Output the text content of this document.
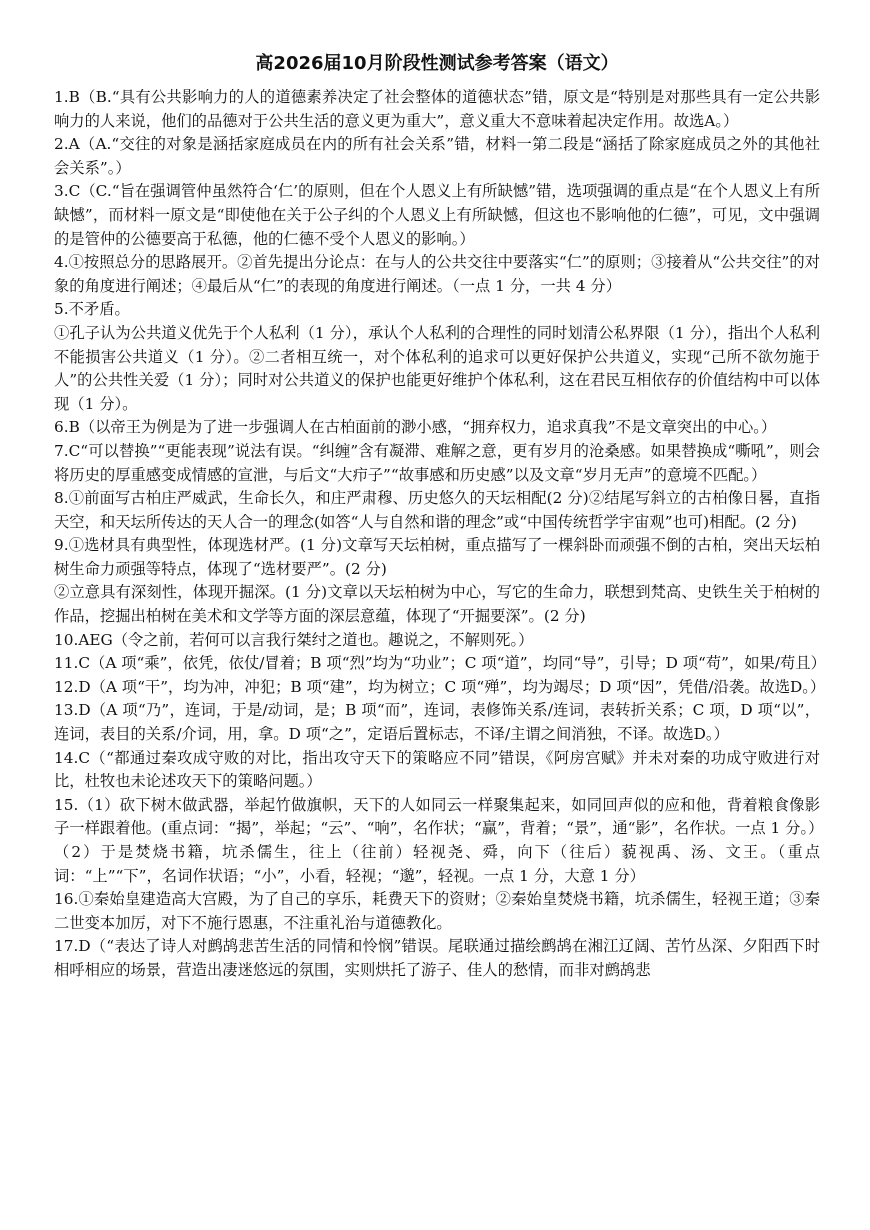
高2026届10月阶段性测试参考答案（语文）

1.B（B.“具有公共影响力的人的道德素养决定了社会整体的道德状态”错，原文是“特别是对那些具有一定公共影响力的人来说，他们的品德对于公共生活的意义更为重大”，意义重大不意味着起决定作用。故选A。）

2.A（A.“交往的对象是涵括家庭成员在内的所有社会关系”错，材料一第二段是“涵括了除家庭成员之外的其他社会关系”。）

3.C（C.“旨在强调管仲虽然符合‘仁’的原则，但在个人恩义上有所缺憾”错，选项强调的重点是“在个人恩义上有所缺憾”，而材料一原文是“即使他在关于公子纠的个人恩义上有所缺憾，但这也不影响他的仁德”，可见，文中强调的是管仲的公德要高于私德，他的仁德不受个人恩义的影响。）

4.①按照总分的思路展开。②首先提出分论点：在与人的公共交往中要落实“仁”的原则；③接着从“公共交往”的对象的角度进行阐述；④最后从“仁”的表现的角度进行阐述。（一点 1 分，一共 4 分）

5.不矛盾。

①孔子认为公共道义优先于个人私利（1 分），承认个人私利的合理性的同时划清公私界限（1 分），指出个人私利不能损害公共道义（1 分）。②二者相互统一，对个体私利的追求可以更好保护公共道义，实现“己所不欲勿施于人”的公共性关爱（1 分）；同时对公共道义的保护也能更好维护个体私利，这在君民互相依存的价值结构中可以体现（1 分）。

6.B（以帝王为例是为了进一步强调人在古柏面前的渺小感，“拥弃权力，追求真我”不是文章突出的中心。）

7.C“可以替换”“更能表现”说法有误。“纠缠”含有凝滞、难解之意，更有岁月的沧桑感。如果替换成“嘶吼”，则会将历史的厚重感变成情感的宣泄，与后文“大疖子”“故事感和历史感”以及文章“岁月无声”的意境不匹配。）

8.①前面写古柏庄严威武，生命长久，和庄严肃穆、历史悠久的天坛相配(2 分)②结尾写斜立的古柏像日晷，直指天空，和天坛所传达的天人合一的理念(如答“人与自然和谐的理念”或“中国传统哲学宇宙观”也可)相配。(2 分)

9.①选材具有典型性，体现选材严。(1 分)文章写天坛柏树，重点描写了一棵斜卧而顽强不倒的古柏，突出天坛柏树生命力顽强等特点，体现了“选材要严”。(2 分)

②立意具有深刻性，体现开掘深。(1 分)文章以天坛柏树为中心，写它的生命力，联想到梵高、史铁生关于柏树的作品，挖掘出柏树在美术和文学等方面的深层意蕴，体现了“开掘要深”。(2 分)

10.AEG（令之前，若何可以言我行桀纣之道也。趣说之，不解则死。）

11.C（A 项“乘”，依凭，依仗/冒着；B 项“烈”均为“功业”；C 项“道”，均同“导”，引导；D 项“苟”，如果/苟且）

12.D（A 项“干”，均为冲，冲犯；B 项“建”，均为树立；C 项“殚”，均为竭尽；D 项“因”，凭借/沿袭。故选D。）

13.D（A 项“乃”，连词，于是/动词，是；B 项“而”，连词，表修饰关系/连词，表转折关系；C 项，D 项“以”，连词，表目的关系/介词，用，拿。D 项“之”，定语后置标志，不译/主谓之间消独，不译。故选D。）

14.C（“都通过秦攻成守败的对比，指出攻守天下的策略应不同”错误，《阿房宫赋》并未对秦的功成守败进行对比，杜牧也未论述攻天下的策略问题。）

15.（1）砍下树木做武器，举起竹做旗帜，天下的人如同云一样聚集起来，如同回声似的应和他，背着粮食像影子一样跟着他。(重点词：“揭”，举起；“云”、“响”，名作状；“赢”，背着；“景”，通“影”，名作状。一点 1 分。）

（2）于是焚烧书籍，坑杀儒生，往上（往前）轻视尧、舜，向下（往后）藐视禹、汤、文王。（重点词：“上”“下”，名词作状语；“小”，小看，轻视；“邈”，轻视。一点 1 分，大意 1 分）

16.①秦始皇建造高大宫殿，为了自己的享乐，耗费天下的资财；②秦始皇焚烧书籍，坑杀儒生，轻视王道；③秦二世变本加厉，对下不施行恩惠，不注重礼治与道德教化。

17.D（“表达了诗人对鹧鸪悲苦生活的同情和怜悯”错误。尾联通过描绘鹧鸪在湘江辽阔、苦竹丛深、夕阳西下时相呼相应的场景，营造出凄迷悠远的氛围，实则烘托了游子、佳人的愁情，而非对鹧鸪悲
